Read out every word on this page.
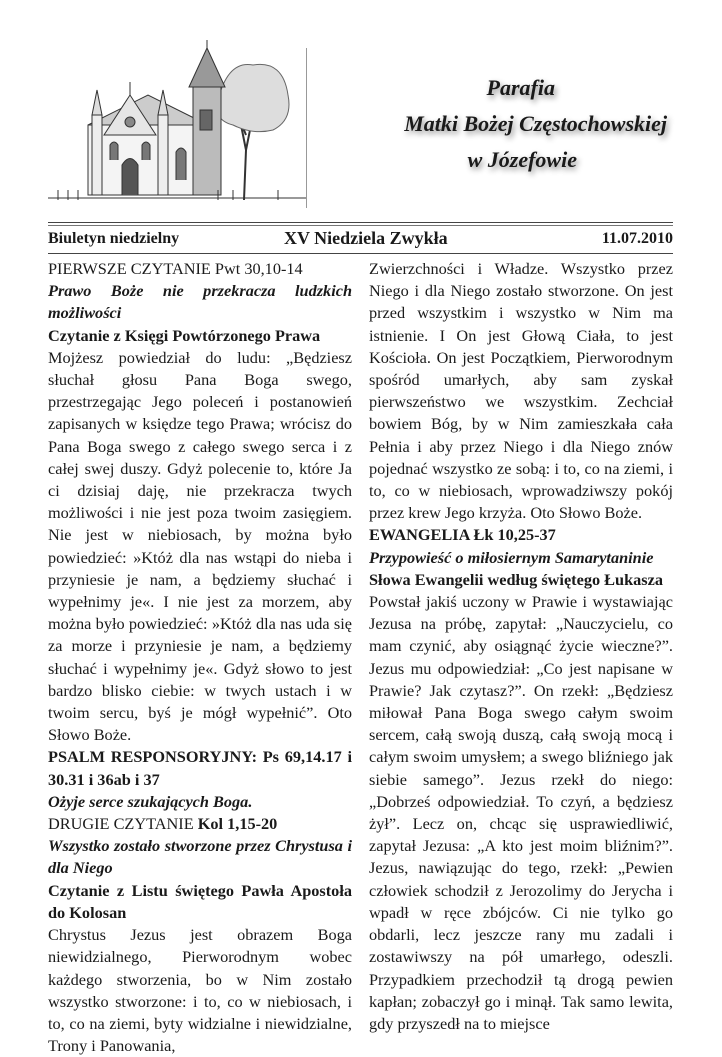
Parafia
Matki Bożej Częstochowskiej
w Józefowie
Biuletyn niedzielny	XV Niedziela Zwykła	11.07.2010

PIERWSZE CZYTANIE Pwt 30,10-14

Prawo Boże nie przekracza ludzkich możliwości

Czytanie z Księgi Powtórzonego Prawa

Mojżesz powiedział do ludu: „Będziesz słuchał głosu Pana Boga swego, przestrzegając Jego poleceń i postanowień zapisanych w księdze tego Prawa; wrócisz do Pana Boga swego z całego swego serca i z całej swej duszy. Gdyż polecenie to, które Ja ci dzisiaj daję, nie przekracza twych możliwości i nie jest poza twoim zasięgiem. Nie jest w niebiosach, by można było powiedzieć: »Któż dla nas wstąpi do nieba i przyniesie je nam, a będziemy słuchać i wypełnimy je«. I nie jest za morzem, aby można było powiedzieć: »Któż dla nas uda się za morze i przyniesie je nam, a będziemy słuchać i wypełnimy je«. Gdyż słowo to jest bardzo blisko ciebie: w twych ustach i w twoim sercu, byś je mógł wypełnić”. Oto Słowo Boże.

PSALM RESPONSORYJNY: Ps 69,14.17 i 30.31 i 36ab i 37

Ożyje serce szukających Boga.

DRUGIE CZYTANIE Kol 1,15-20

Wszystko zostało stworzone przez Chrystusa i dla Niego

Czytanie z Listu świętego Pawła Apostoła do Kolosan

Chrystus Jezus jest obrazem Boga niewidzialnego, Pierworodnym wobec każdego stworzenia, bo w Nim zostało wszystko stworzone: i to, co w niebiosach, i to, co na ziemi, byty widzialne i niewidzialne, Trony i Panowania,

Zwierzchności i Władze. Wszystko przez Niego i dla Niego zostało stworzone. On jest przed wszystkim i wszystko w Nim ma istnienie. I On jest Głową Ciała, to jest Kościoła. On jest Początkiem, Pierworodnym spośród umarłych, aby sam zyskał pierwszeństwo we wszystkim. Zechciał bowiem Bóg, by w Nim zamieszkała cała Pełnia i aby przez Niego i dla Niego znów pojednać wszystko ze sobą: i to, co na ziemi, i to, co w niebiosach, wprowadziwszy pokój przez krew Jego krzyża. Oto Słowo Boże.

EWANGELIA Łk 10,25-37

Przypowieść o miłosiernym Samarytaninie

Słowa Ewangelii według świętego Łukasza

Powstał jakiś uczony w Prawie i wystawiając Jezusa na próbę, zapytał: „Nauczycielu, co mam czynić, aby osiągnąć życie wieczne?”. Jezus mu odpowiedział: „Co jest napisane w Prawie? Jak czytasz?”. On rzekł: „Będziesz miłował Pana Boga swego całym swoim sercem, całą swoją duszą, całą swoją mocą i całym swoim umysłem; a swego bliźniego jak siebie samego”. Jezus rzekł do niego: „Dobrześ odpowiedział. To czyń, a będziesz żył”. Lecz on, chcąc się usprawiedliwić, zapytał Jezusa: „A kto jest moim bliźnim?”. Jezus, nawiązując do tego, rzekł: „Pewien człowiek schodził z Jerozolimy do Jerycha i wpadł w ręce zbójców. Ci nie tylko go obdarli, lecz jeszcze rany mu zadali i zostawiwszy na pół umarłego, odeszli. Przypadkiem przechodził tą drogą pewien kapłan; zobaczył go i minął. Tak samo lewita, gdy przyszedł na to miejsce
